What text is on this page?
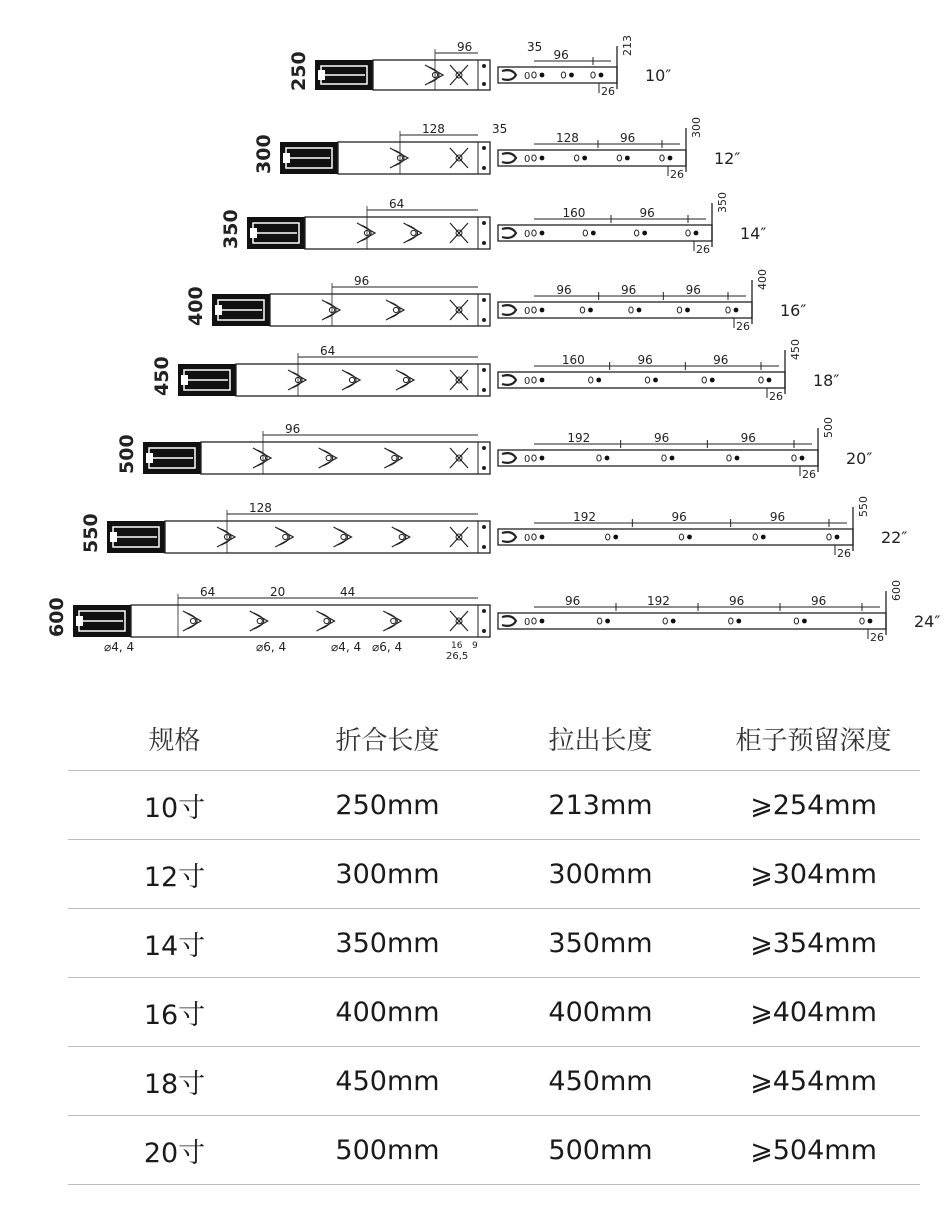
250
96	35
96	213
26
10″
0
300
128	35
128	96	300
26
12″
0
350
64
160	96	350
26
14″
0
400
96
96	96	96	400
26
16″
0
450
64
160	96	96	450
26
18″
0
500
96
192	96	96	500
26
20″
0
550
128
192	96	96	550
26
22″
0
600
64	20	44
96	192	96	96	600
26
24″
0
⌀4, 4	⌀6, 4	⌀4, 4 ⌀6, 4
26,5
16 9
规格	折合长度	拉出长度	柜子预留深度
10寸	250mm	213mm	⩾254mm
12寸	300mm	300mm	⩾304mm
14寸	350mm	350mm	⩾354mm
16寸	400mm	400mm	⩾404mm
18寸	450mm	450mm	⩾454mm
20寸	500mm	500mm	⩾504mm
